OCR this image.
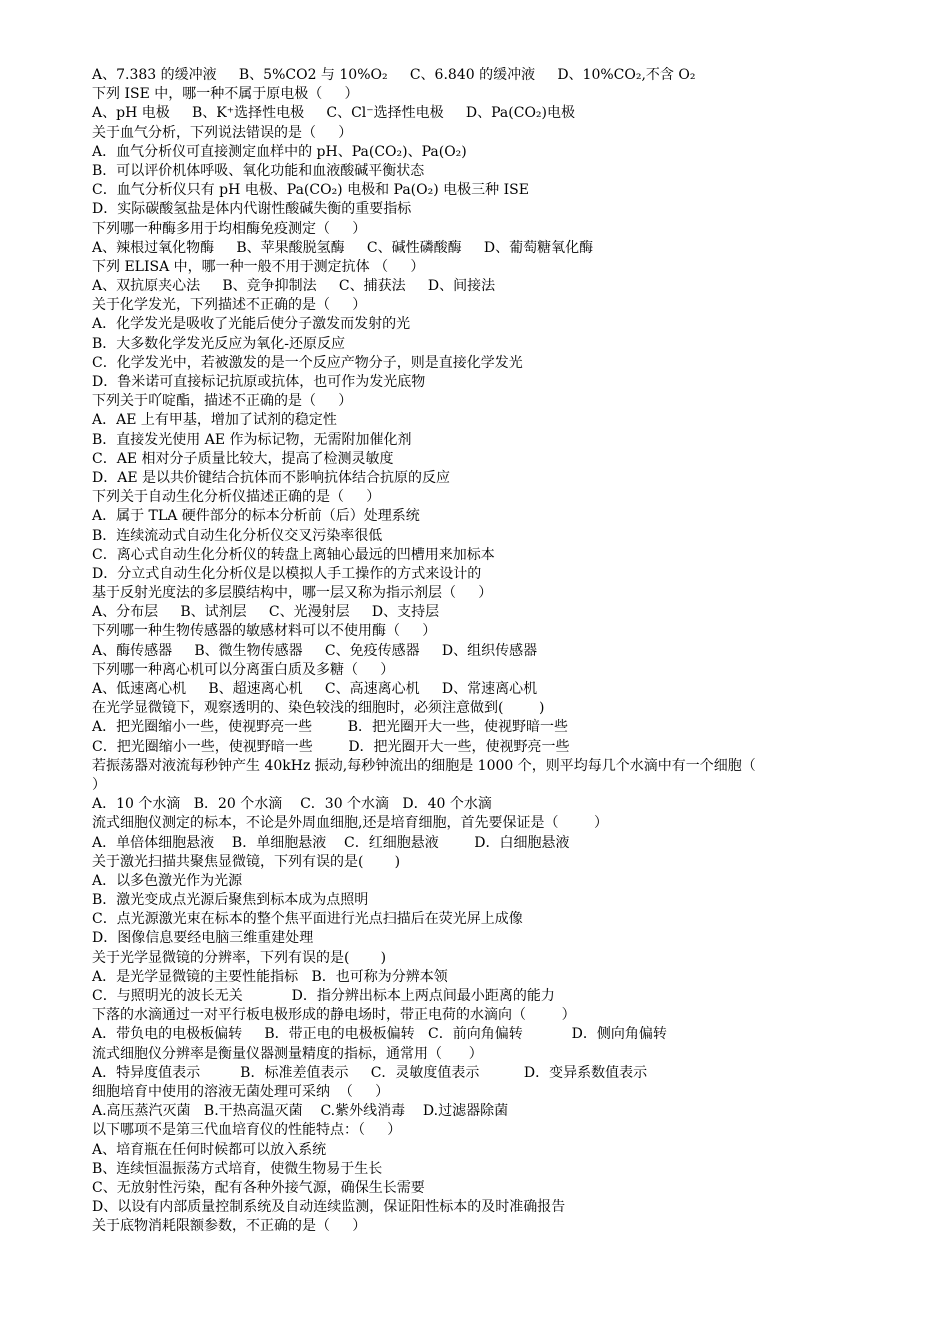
A、7.383 的缓冲液     B、5%CO2 与 10%O₂     C、6.840 的缓冲液     D、10%CO₂,不含 O₂
下列 ISE 中，哪一种不属于原电极（     ）
A、pH 电极     B、K⁺选择性电极     C、Cl⁻选择性电极     D、Pa(CO₂)电极
关于血气分析，下列说法错误的是（     ）
A．血气分析仪可直接测定血样中的 pH、Pa(CO₂)、Pa(O₂)
B．可以评价机体呼吸、氧化功能和血液酸碱平衡状态
C．血气分析仪只有 pH 电极、Pa(CO₂) 电极和 Pa(O₂) 电极三种 ISE
D．实际碳酸氢盐是体内代谢性酸碱失衡的重要指标
下列哪一种酶多用于均相酶免疫测定（     ）
A、辣根过氧化物酶     B、苹果酸脱氢酶     C、碱性磷酸酶     D、葡萄糖氧化酶
下列 ELISA 中，哪一种一般不用于测定抗体 （     ）
A、双抗原夹心法     B、竞争抑制法     C、捕获法     D、间接法
关于化学发光，下列描述不正确的是（     ）
A．化学发光是吸收了光能后使分子激发而发射的光
B．大多数化学发光反应为氧化-还原反应
C．化学发光中，若被激发的是一个反应产物分子，则是直接化学发光
D．鲁米诺可直接标记抗原或抗体，也可作为发光底物
下列关于吖啶酯，描述不正确的是（     ）
A．AE 上有甲基，增加了试剂的稳定性
B．直接发光使用 AE 作为标记物，无需附加催化剂
C．AE 相对分子质量比较大，提高了检测灵敏度
D．AE 是以共价键结合抗体而不影响抗体结合抗原的反应
下列关于自动生化分析仪描述正确的是（     ）
A．属于 TLA 硬件部分的标本分析前（后）处理系统
B．连续流动式自动生化分析仪交叉污染率很低
C．离心式自动生化分析仪的转盘上离轴心最远的凹槽用来加标本
D．分立式自动生化分析仪是以模拟人手工操作的方式来设计的
基于反射光度法的多层膜结构中，哪一层又称为指示剂层（     ）
A、分布层     B、试剂层     C、光漫射层     D、支持层
下列哪一种生物传感器的敏感材料可以不使用酶（     ）
A、酶传感器     B、微生物传感器     C、免疫传感器     D、组织传感器
下列哪一种离心机可以分离蛋白质及多糖（     ）
A、低速离心机     B、超速离心机     C、高速离心机     D、常速离心机
在光学显微镜下，观察透明的、染色较浅的细胞时，必须注意做到(        )
A．把光圈缩小一些，使视野亮一些        B．把光圈开大一些，使视野暗一些
C．把光圈缩小一些，使视野暗一些        D．把光圈开大一些，使视野亮一些
若振荡器对液流每秒钟产生 40kHz 振动,每秒钟流出的细胞是 1000 个，则平均每几个水滴中有一个细胞（
）
A．10 个水滴   B．20 个水滴    C．30 个水滴   D．40 个水滴
流式细胞仪测定的标本，不论是外周血细胞,还是培育细胞，首先要保证是（        ）
A．单倍体细胞悬液    B．单细胞悬液    C．红细胞悬液        D．白细胞悬液
关于激光扫描共聚焦显微镜，下列有误的是(       )
A．以多色激光作为光源
B．激光变成点光源后聚焦到标本成为点照明
C．点光源激光束在标本的整个焦平面进行光点扫描后在荧光屏上成像
D．图像信息要经电脑三维重建处理
关于光学显微镜的分辨率，下列有误的是(       )
A．是光学显微镜的主要性能指标   B．也可称为分辨本领
C．与照明光的波长无关           D．指分辨出标本上两点间最小距离的能力
下落的水滴通过一对平行板电极形成的静电场时，带正电荷的水滴向（        ）
A．带负电的电极板偏转     B．带正电的电极板偏转   C．前向角偏转           D．侧向角偏转
流式细胞仪分辨率是衡量仪器测量精度的指标，通常用（      ）
A．特异度值表示         B．标准差值表示     C．灵敏度值表示          D．变异系数值表示
细胞培育中使用的溶液无菌处理可采纳  （     ）
A.高压蒸汽灭菌   B.干热高温灭菌    C.紫外线消毒    D.过滤器除菌
以下哪项不是第三代血培育仪的性能特点：（     ）
A、培育瓶在任何时候都可以放入系统
B、连续恒温振荡方式培育，使微生物易于生长
C、无放射性污染，配有各种外接气源，确保生长需要
D、以设有内部质量控制系统及自动连续监测，保证阳性标本的及时准确报告
关于底物消耗限额参数，不正确的是（     ）
